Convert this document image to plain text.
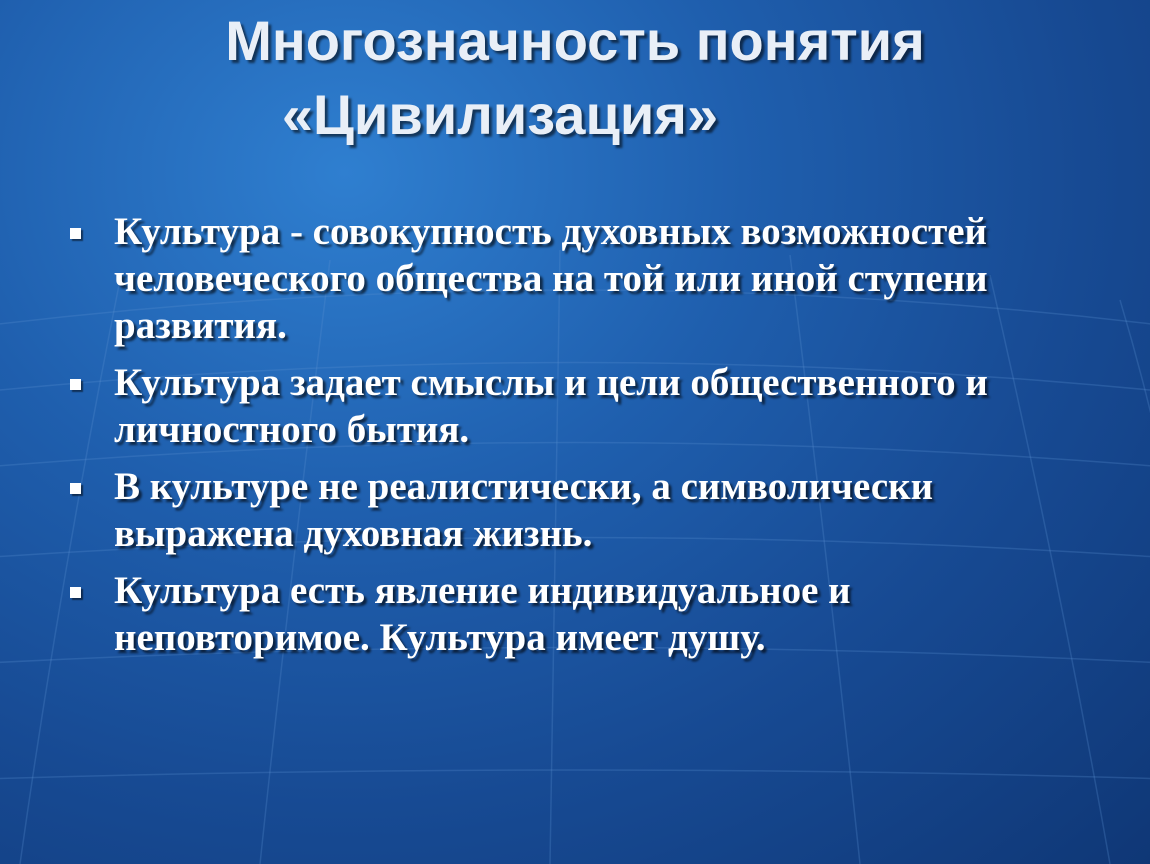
Многозначность понятия
«Цивилизация»
Культура - совокупность духовных возможностей человеческого общества на той или иной ступени развития.
Культура задает смыслы и цели общественного и личностного бытия.
В культуре не реалистически, а символически выражена духовная жизнь.
Культура есть явление индивидуальное и неповторимое. Культура имеет душу.
